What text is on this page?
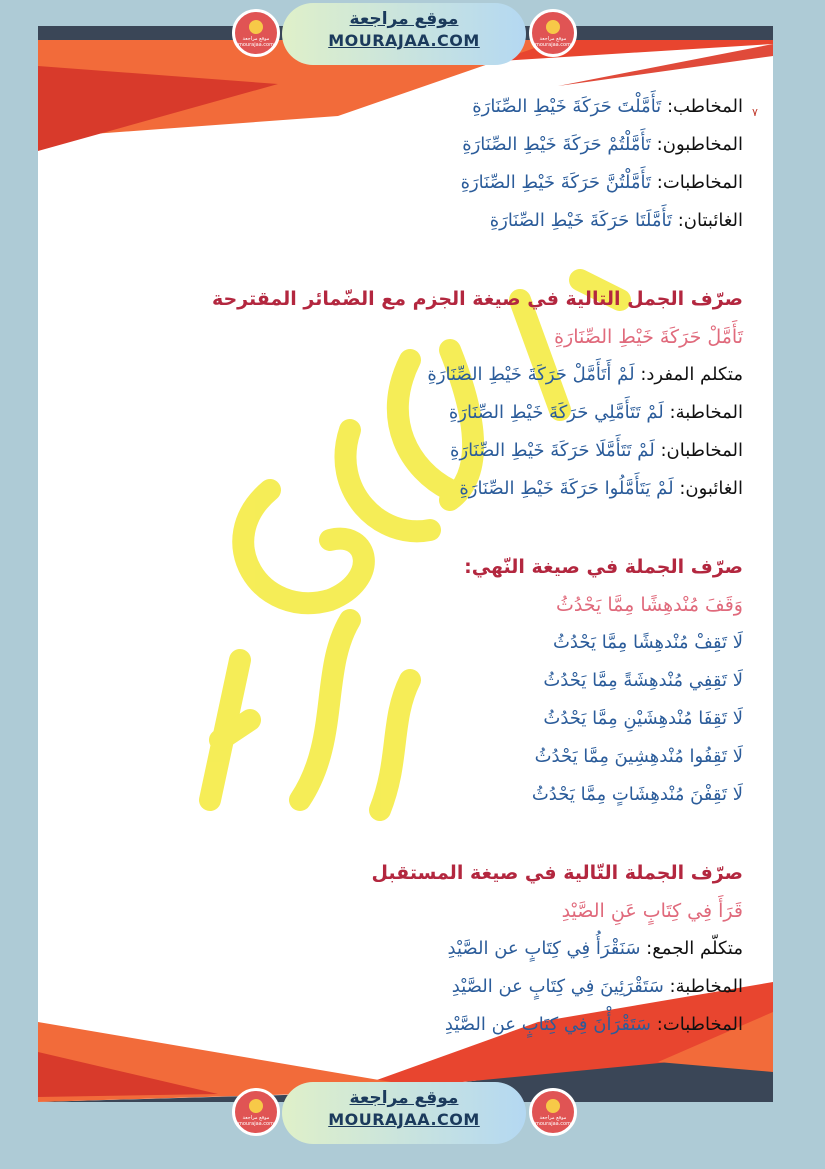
٧
المخاطب: تَأَمَّلْتَ حَرَكَةَ خَيْطِ الصِّنَارَةِ
المخاطبون: تَأَمَّلْتُمْ حَرَكَةَ خَيْطِ الصِّنَارَةِ
المخاطبات: تَأَمَّلْتُنَّ حَرَكَةَ خَيْطِ الصِّنَارَةِ
الغائبتان: تَأَمَّلَتَا حَرَكَةَ خَيْطِ الصِّنَارَةِ
صرّف الجمل التالية في صيغة الجزم مع الضّمائر المقترحة
تَأَمَّلْ حَرَكَةَ خَيْطِ الصِّنَارَةِ
متكلم المفرد: لَمْ أَتَأَمَّلْ حَرَكَةَ خَيْطِ الصِّنَارَةِ
المخاطبة: لَمْ تَتَأَمَّلِي حَرَكَةَ خَيْطِ الصِّنَارَةِ
المخاطبان: لَمْ تَتَأَمَّلَا حَرَكَةَ خَيْطِ الصِّنَارَةِ
الغائبون: لَمْ يَتَأَمَّلُوا حَرَكَةَ خَيْطِ الصِّنَارَةِ
صرّف الجملة في صيغة النّهي:
وَقَفَ مُنْدهِشًا مِمَّا يَحْدُثُ
لَا تَقِفْ مُنْدهِشًا مِمَّا يَحْدُثُ
لَا تَقِفِي مُنْدهِشَةً مِمَّا يَحْدُثُ
لَا تَقِفَا مُنْدهِشَيْنِ مِمَّا يَحْدُثُ
لَا تَقِفُوا مُنْدهِشِينَ مِمَّا يَحْدُثُ
لَا تَقِفْنَ مُنْدهِشَاتٍ مِمَّا يَحْدُثُ
صرّف الجملة التّالية في صيغة المستقبل
قَرَأَ فِي كِتَابٍ عَنِ الصَّيْدِ
متكلّم الجمع: سَنَقْرَأُ فِي كِتَابٍ عن الصَّيْدِ
المخاطبة: سَتَقْرَئِينَ فِي كِتَابٍ عن الصَّيْدِ
المخاطبات: سَتَقْرَأْنَ فِي كِتَابٍ عن الصَّيْدِ
موقع مراجعة mourajaa.com
موقع مراجعة
MOURAJAA.COM	موقع مراجعة mourajaa.com
موقع مراجعة mourajaa.com
موقع مراجعة
MOURAJAA.COM	موقع مراجعة mourajaa.com
